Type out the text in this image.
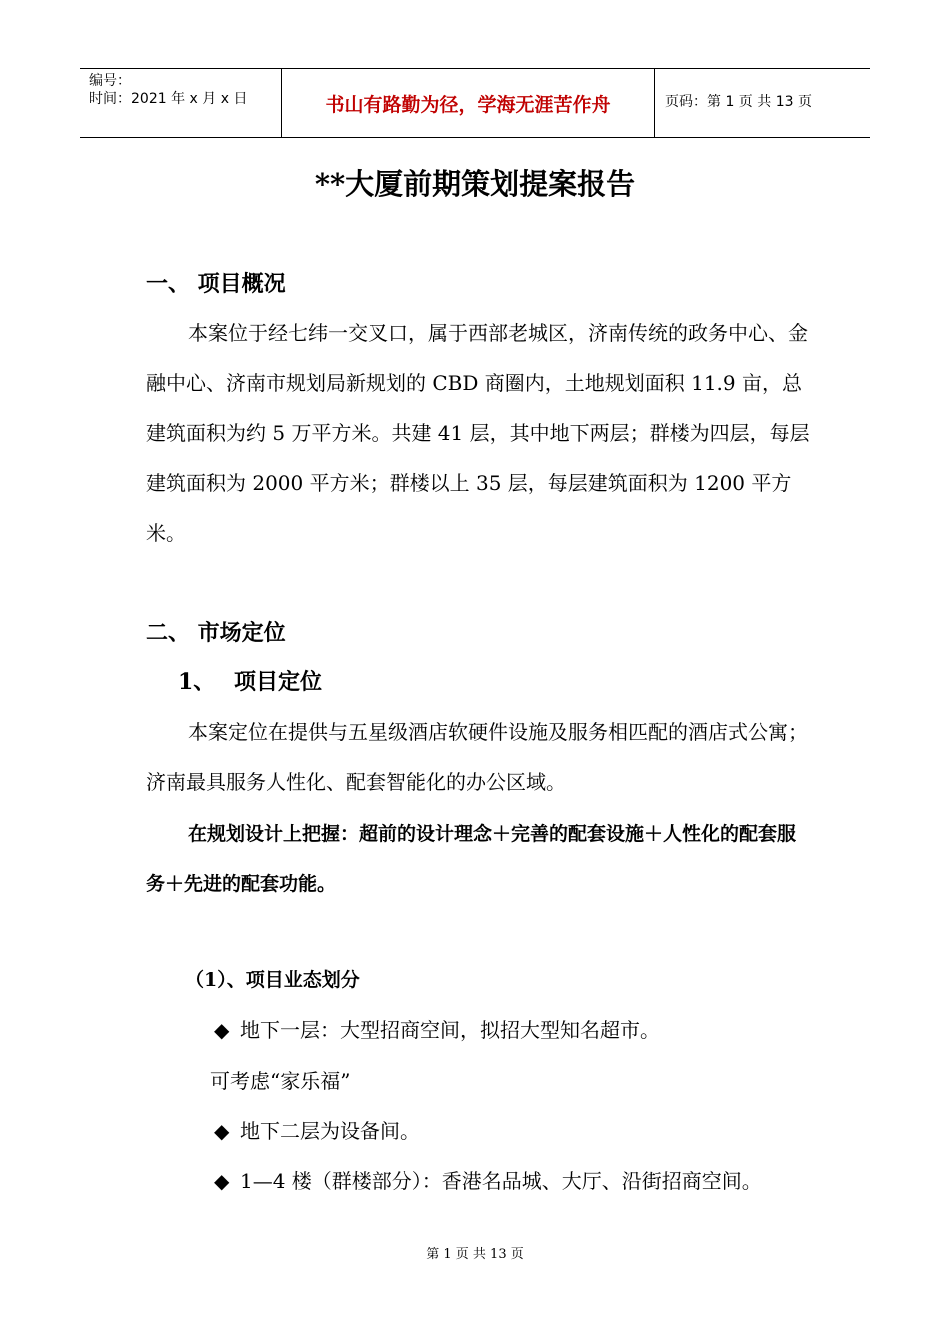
编号：
时间：2021 年 x 月 x 日	书山有路勤为径，学海无涯苦作舟	页码：第 1 页 共 13 页
**大厦前期策划提案报告
一、 项目概况
本案位于经七纬一交叉口，属于西部老城区，济南传统的政务中心、金融中心、济南市规划局新规划的 CBD 商圈内，土地规划面积 11.9 亩，总建筑面积为约 5 万平方米。共建 41 层，其中地下两层；群楼为四层，每层建筑面积为 2000 平方米；群楼以上 35 层，每层建筑面积为 1200 平方米。
二、 市场定位
1、 项目定位
本案定位在提供与五星级酒店软硬件设施及服务相匹配的酒店式公寓；济南最具服务人性化、配套智能化的办公区域。
在规划设计上把握：超前的设计理念＋完善的配套设施＋人性化的配套服务＋先进的配套功能。
（1）、项目业态划分
◆ 地下一层：大型招商空间，拟招大型知名超市。
可考虑“家乐福”
◆ 地下二层为设备间。
◆ 1—4 楼（群楼部分）：香港名品城、大厅、沿街招商空间。
第 1 页 共 13 页
